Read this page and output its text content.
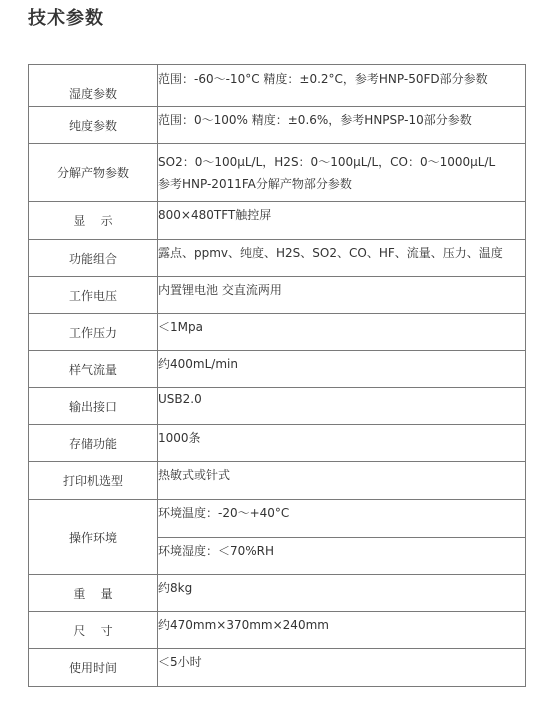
技术参数
湿度参数	范围：-60～-10°C 精度：±0.2°C，参考HNP-50FD部分参数
纯度参数	范围：0～100% 精度：±0.6%，参考HNPSP-10部分参数
分解产物参数	SO2：0～100μL/L，H2S：0～100μL/L，CO：0～1000μL/L
参考HNP-2011FA分解产物部分参数

显    示	800×480TFT触控屏
功能组合	露点、ppmv、纯度、H2S、SO2、CO、HF、流量、压力、温度
工作电压	内置锂电池 交直流两用
工作压力	＜1Mpa
样气流量	约400mL/min
输出接口	USB2.0
存储功能	1000条
打印机选型	热敏式或针式
操作环境	环境温度：-20～+40°C
	环境湿度：＜70%RH
重    量	约8kg
尺    寸	约470mm×370mm×240mm
使用时间	＜5小时
